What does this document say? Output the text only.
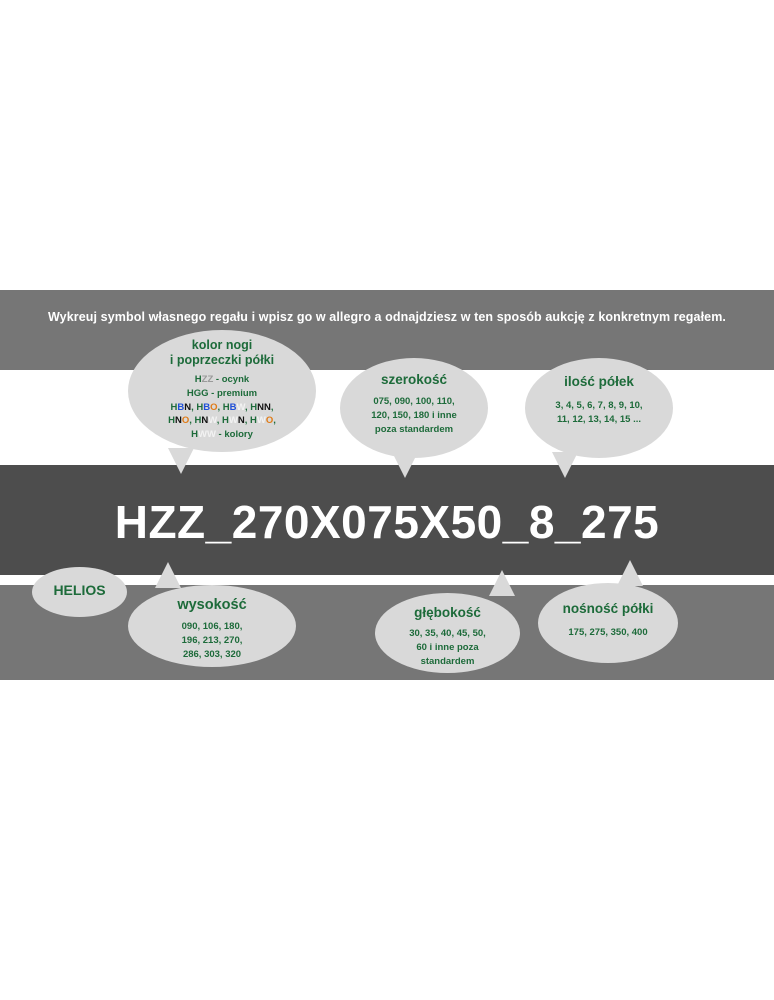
Wykreuj symbol własnego regału i wpisz go w allegro a odnajdziesz w ten sposób aukcję z konkretnym regałem.
HZZ_270X075X50_8_275
kolor nogi
i poprzeczki półki
HZZ - ocynk
HGG - premium
HBN, HBO, HBW, HNN,
HNO, HNW, HWN, HWO,
HWW - kolory
szerokość
075, 090, 100, 110,
120, 150, 180 i inne
poza standardem
ilość półek
3, 4, 5, 6, 7, 8, 9, 10,
11, 12, 13, 14, 15 ...
HELIOS
wysokość
090, 106, 180,
196, 213, 270,
286, 303, 320
głębokość
30, 35, 40, 45, 50,
60 i inne poza
standardem
nośność półki
175, 275, 350, 400
